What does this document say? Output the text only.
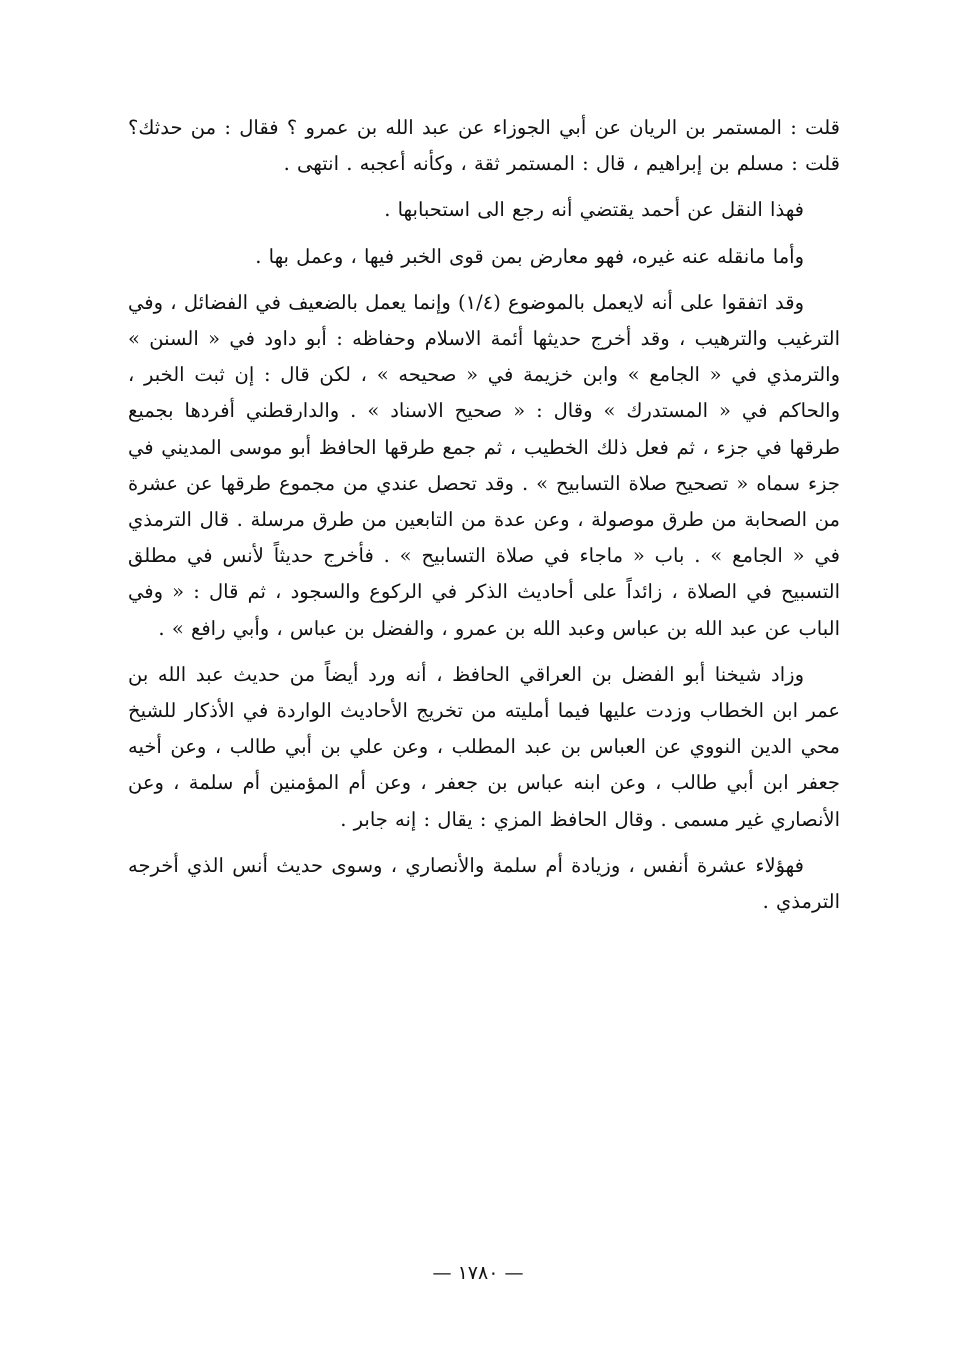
قلت : المستمر بن الريان عن أبي الجوزاء عن عبد الله بن عمرو ؟ فقال : من حدثك؟ قلت : مسلم بن إبراهيم ، قال : المستمر ثقة ، وكأنه أعجبه . انتهى .

فهذا النقل عن أحمد يقتضي أنه رجع الى استحبابها .

وأما مانقله عنه غيره، فهو معارض بمن قوى الخبر فيها ، وعمل بها .

وقد اتفقوا على أنه لايعمل بالموضوع (١/٤) وإنما يعمل بالضعيف في الفضائل ، وفي الترغيب والترهيب ، وقد أخرج حديثها أئمة الاسلام وحفاظه : أبو داود في « السنن » والترمذي في « الجامع » وابن خزيمة في « صحيحه » ، لكن قال : إن ثبت الخبر ، والحاكم في « المستدرك » وقال : « صحيح الاسناد » . والدارقطني أفردها بجميع طرقها في جزء ، ثم فعل ذلك الخطيب ، ثم جمع طرقها الحافظ أبو موسى المديني في جزء سماه « تصحيح صلاة التسابيح » . وقد تحصل عندي من مجموع طرقها عن عشرة من الصحابة من طرق موصولة ، وعن عدة من التابعين من طرق مرسلة . قال الترمذي في « الجامع » . باب « ماجاء في صلاة التسابيح » . فأخرج حديثاً لأنس في مطلق التسبيح في الصلاة ، زائداً على أحاديث الذكر في الركوع والسجود ، ثم قال : « وفي الباب عن عبد الله بن عباس وعبد الله بن عمرو ، والفضل بن عباس ، وأبي رافع » .

وزاد شيخنا أبو الفضل بن العراقي الحافظ ، أنه ورد أيضاً من حديث عبد الله بن عمر ابن الخطاب وزدت عليها فيما أمليته من تخريج الأحاديث الواردة في الأذكار للشيخ محي الدين النووي عن العباس بن عبد المطلب ، وعن علي بن أبي طالب ، وعن أخيه جعفر ابن أبي طالب ، وعن ابنه عباس بن جعفر ، وعن أم المؤمنين أم سلمة ، وعن الأنصاري غير مسمى . وقال الحافظ المزي : يقال : إنه جابر .

فهؤلاء عشرة أنفس ، وزيادة أم سلمة والأنصاري ، وسوى حديث أنس الذي أخرجه الترمذي .

— ١٧٨٠ —
